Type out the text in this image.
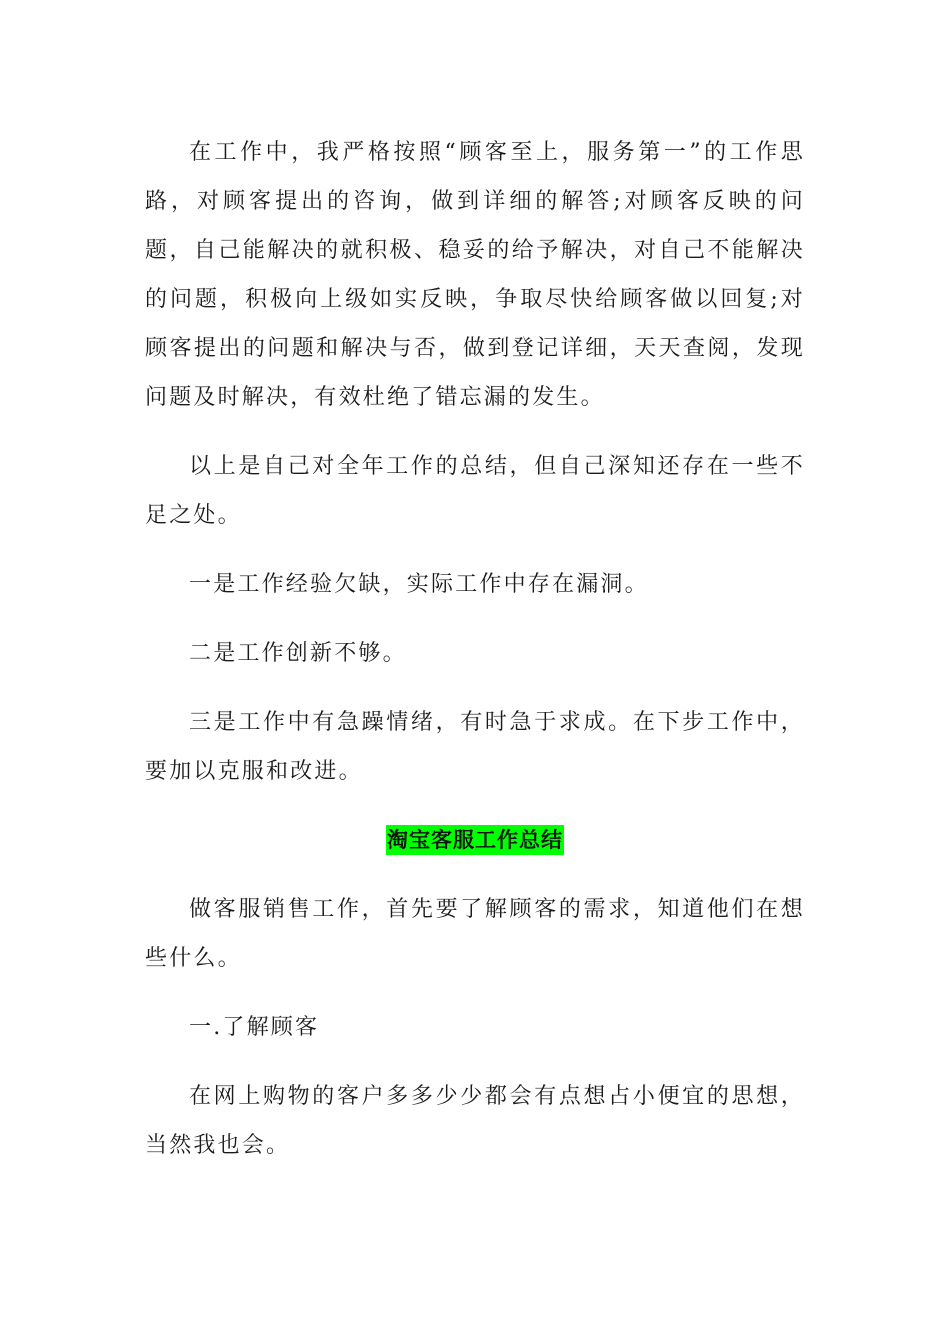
在工作中，我严格按照“顾客至上，服务第一”的工作思路，对顾客提出的咨询，做到详细的解答;对顾客反映的问题，自己能解决的就积极、稳妥的给予解决，对自己不能解决的问题，积极向上级如实反映，争取尽快给顾客做以回复;对顾客提出的问题和解决与否，做到登记详细，天天查阅，发现问题及时解决，有效杜绝了错忘漏的发生。

以上是自己对全年工作的总结，但自己深知还存在一些不足之处。

一是工作经验欠缺，实际工作中存在漏洞。

二是工作创新不够。

三是工作中有急躁情绪，有时急于求成。在下步工作中，要加以克服和改进。

淘宝客服工作总结

做客服销售工作，首先要了解顾客的需求，知道他们在想些什么。

一.了解顾客

在网上购物的客户多多少少都会有点想占小便宜的思想，当然我也会。
